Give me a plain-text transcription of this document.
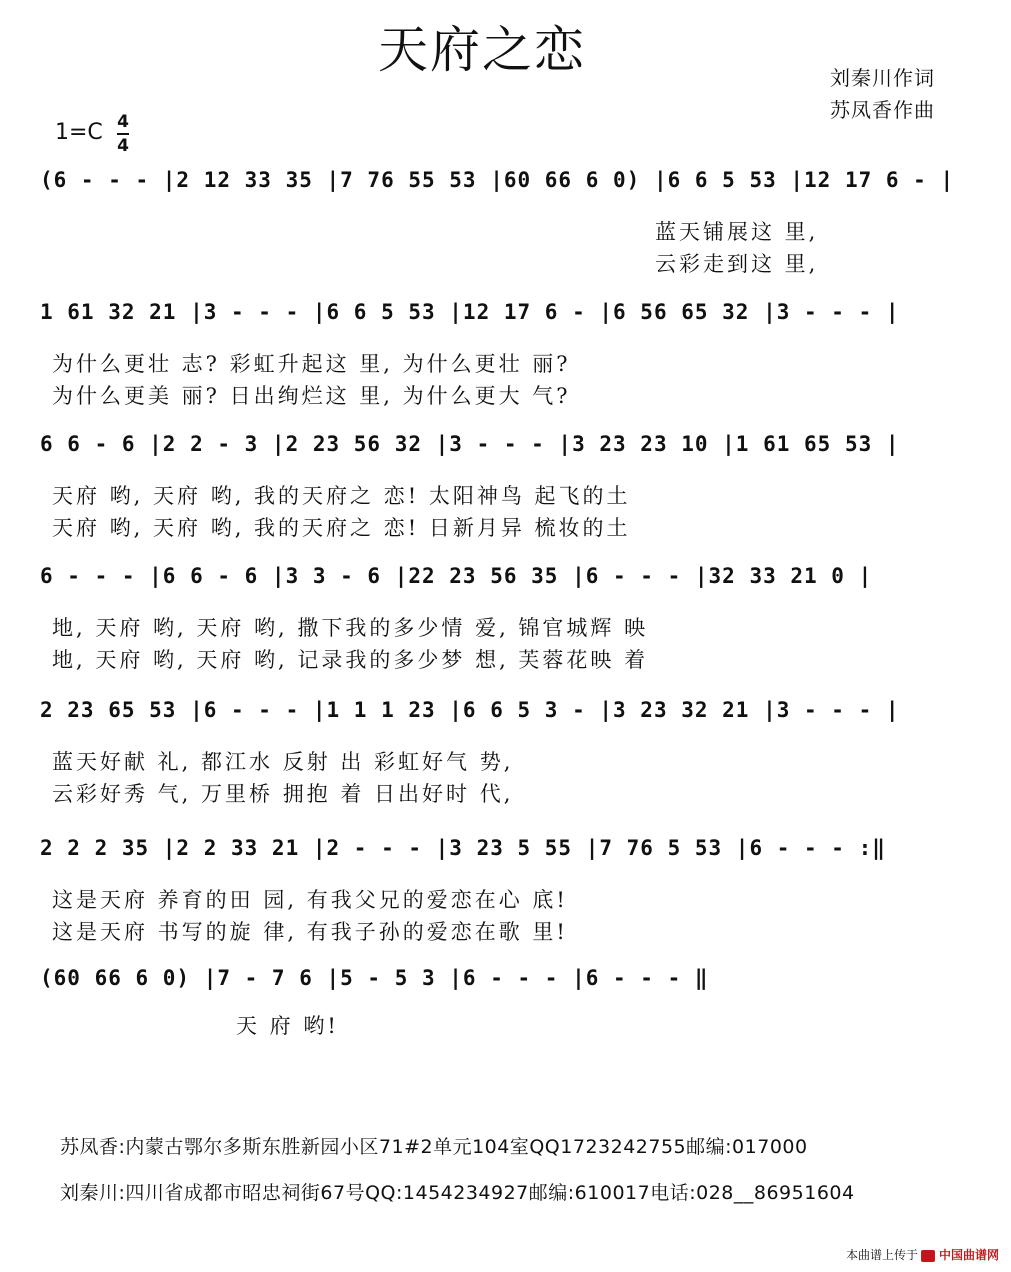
天府之恋	刘秦川作词
苏凤香作曲
1=C 4
4
(6 - - - |2 12 33 35 |7 76 55 53 |60 66 6 0) |6 6 5 53 |12 17 6 - |
蓝天铺展这 里,
云彩走到这 里,
1 61 32 21 |3 - - - |6 6 5 53 |12 17 6 - |6 56 65 32 |3 - - - |
为什么更壮 志? 彩虹升起这 里, 为什么更壮 丽?
为什么更美 丽? 日出绚烂这 里, 为什么更大 气?
6 6 - 6 |2 2 - 3 |2 23 56 32 |3 - - - |3 23 23 10 |1 61 65 53 |
天府 哟, 天府 哟, 我的天府之 恋! 太阳神鸟 起飞的土
天府 哟, 天府 哟, 我的天府之 恋! 日新月异 梳妆的土
6 - - - |6 6 - 6 |3 3 - 6 |22 23 56 35 |6 - - - |32 33 21 0 |
地, 天府 哟, 天府 哟, 撒下我的多少情 爱, 锦官城辉 映
地, 天府 哟, 天府 哟, 记录我的多少梦 想, 芙蓉花映 着
2 23 65 53 |6 - - - |1 1 1 23 |6 6 5 3 - |3 23 32 21 |3 - - - |
蓝天好献 礼, 都江水 反射 出 彩虹好气 势,
云彩好秀 气, 万里桥 拥抱 着 日出好时 代,
2 2 2 35 |2 2 33 21 |2 - - - |3 23 5 55 |7 76 5 53 |6 - - - :‖
这是天府 养育的田 园, 有我父兄的爱恋在心 底!
这是天府 书写的旋 律, 有我子孙的爱恋在歌 里!
(60 66 6 0) |7 - 7 6 |5 - 5 3 |6 - - - |6 - - - ‖
天 府 哟!
苏凤香:内蒙古鄂尔多斯东胜新园小区71#2单元104室QQ1723242755邮编:017000
刘秦川:四川省成都市昭忠祠街67号QQ:1454234927邮编:610017电话:028__86951604
本曲谱上传于 中国曲谱网
